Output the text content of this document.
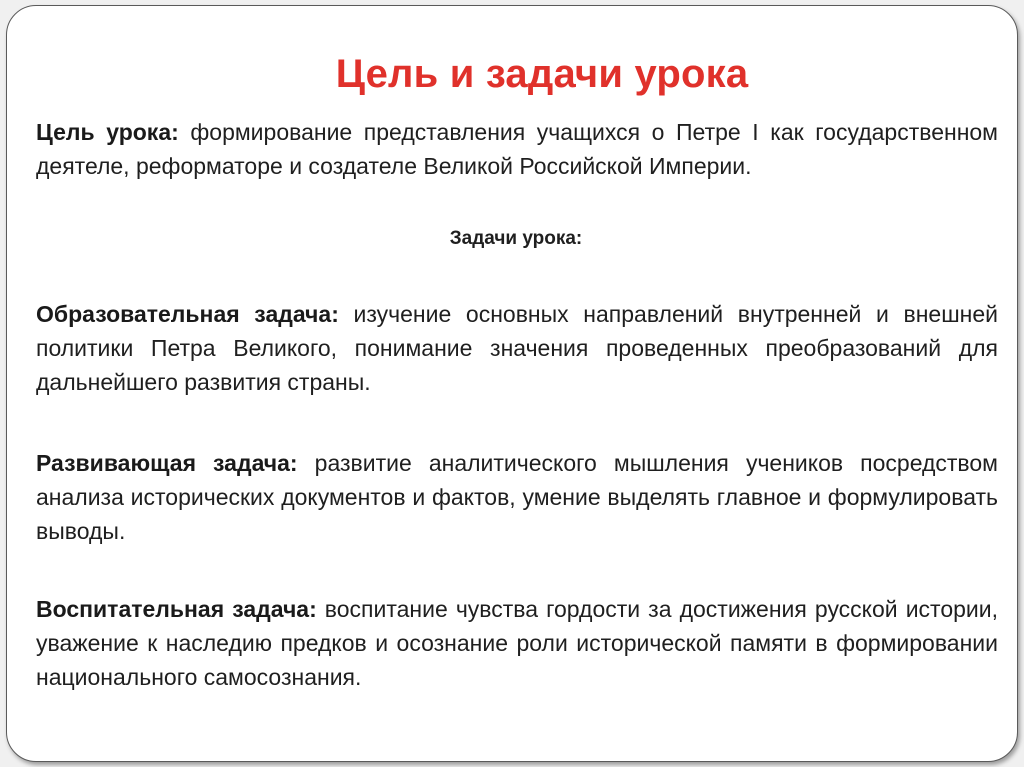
Цель и задачи урока
Цель урока: формирование представления учащихся о Петре I как государственном деятеле, реформаторе и создателе Великой Российской Империи.
Задачи урока:
Образовательная задача: изучение основных направлений внутренней и внешней политики Петра Великого, понимание значения проведенных преобразований для дальнейшего развития страны.
Развивающая задача: развитие аналитического мышления учеников посредством анализа исторических документов и фактов, умение выделять главное и формулировать выводы.
Воспитательная задача: воспитание чувства гордости за достижения русской истории, уважение к наследию предков и осознание роли исторической памяти в формировании национального самосознания.
